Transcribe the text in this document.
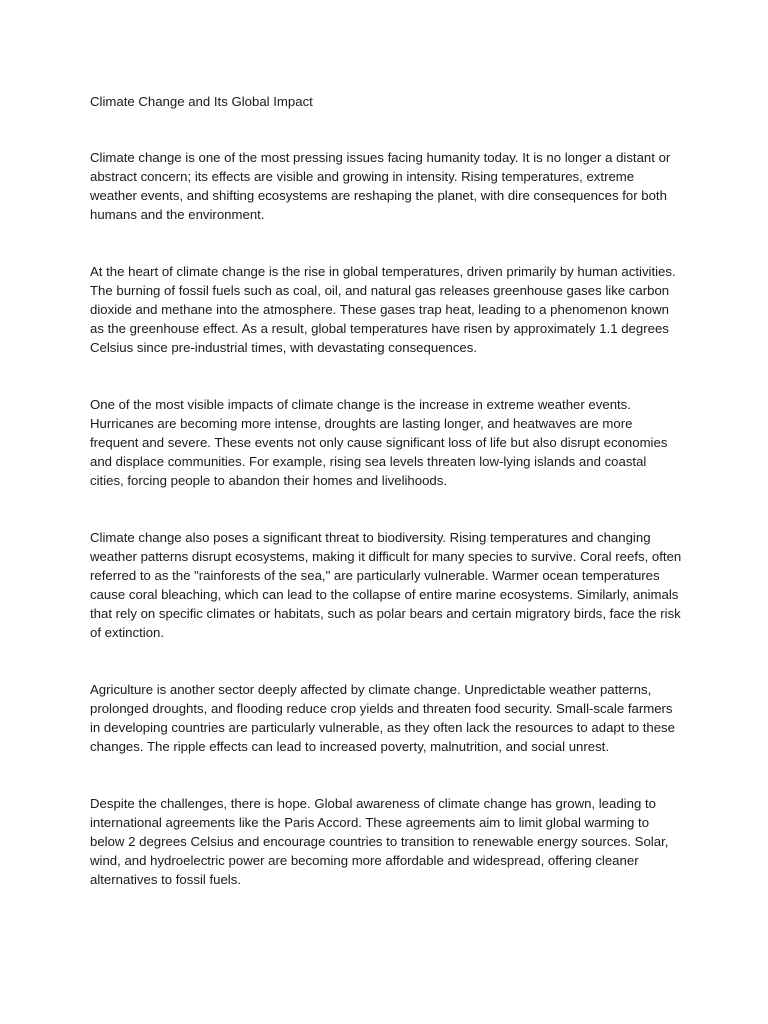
Climate Change and Its Global Impact

Climate change is one of the most pressing issues facing humanity today. It is no longer a distant or abstract concern; its effects are visible and growing in intensity. Rising temperatures, extreme weather events, and shifting ecosystems are reshaping the planet, with dire consequences for both humans and the environment.

At the heart of climate change is the rise in global temperatures, driven primarily by human activities. The burning of fossil fuels such as coal, oil, and natural gas releases greenhouse gases like carbon dioxide and methane into the atmosphere. These gases trap heat, leading to a phenomenon known as the greenhouse effect. As a result, global temperatures have risen by approximately 1.1 degrees Celsius since pre-industrial times, with devastating consequences.

One of the most visible impacts of climate change is the increase in extreme weather events. Hurricanes are becoming more intense, droughts are lasting longer, and heatwaves are more frequent and severe. These events not only cause significant loss of life but also disrupt economies and displace communities. For example, rising sea levels threaten low-lying islands and coastal cities, forcing people to abandon their homes and livelihoods.

Climate change also poses a significant threat to biodiversity. Rising temperatures and changing weather patterns disrupt ecosystems, making it difficult for many species to survive. Coral reefs, often referred to as the "rainforests of the sea," are particularly vulnerable. Warmer ocean temperatures cause coral bleaching, which can lead to the collapse of entire marine ecosystems. Similarly, animals that rely on specific climates or habitats, such as polar bears and certain migratory birds, face the risk of extinction.

Agriculture is another sector deeply affected by climate change. Unpredictable weather patterns, prolonged droughts, and flooding reduce crop yields and threaten food security. Small-scale farmers in developing countries are particularly vulnerable, as they often lack the resources to adapt to these changes. The ripple effects can lead to increased poverty, malnutrition, and social unrest.

Despite the challenges, there is hope. Global awareness of climate change has grown, leading to international agreements like the Paris Accord. These agreements aim to limit global warming to below 2 degrees Celsius and encourage countries to transition to renewable energy sources. Solar, wind, and hydroelectric power are becoming more affordable and widespread, offering cleaner alternatives to fossil fuels.
